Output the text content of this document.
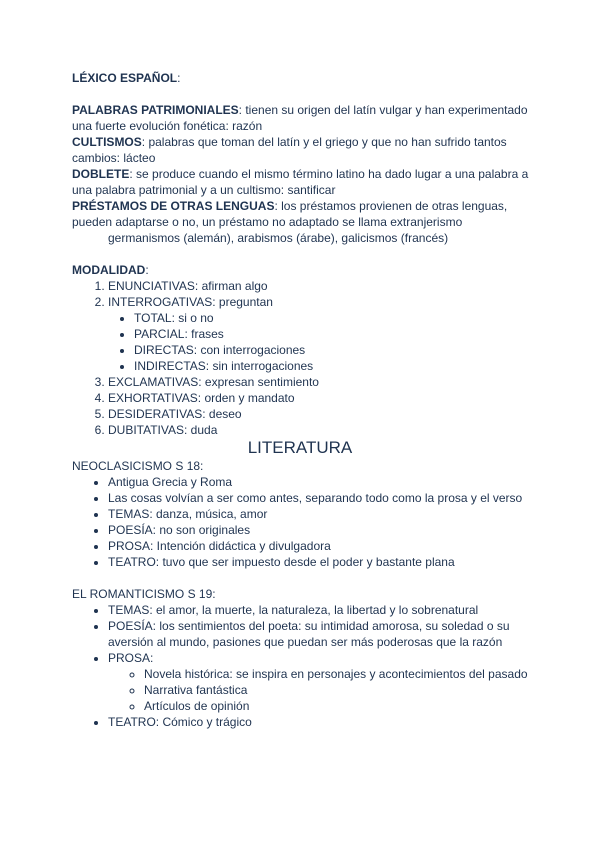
LÉXICO ESPAÑOL:

PALABRAS PATRIMONIALES: tienen su origen del latín vulgar y han experimentado una fuerte evolución fonética: razón

CULTISMOS: palabras que toman del latín y el griego y que no han sufrido tantos cambios: lácteo

DOBLETE: se produce cuando el mismo término latino ha dado lugar a una palabra a una palabra patrimonial y a un cultismo: santificar

PRÉSTAMOS DE OTRAS LENGUAS: los préstamos provienen de otras lenguas, pueden adaptarse o no, un préstamo no adaptado se llama extranjerismo

germanismos (alemán), arabismos (árabe), galicismos (francés)

MODALIDAD:

1. ENUNCIATIVAS: afirman algo
2. INTERROGATIVAS: preguntan
• TOTAL: si o no
• PARCIAL: frases
• DIRECTAS: con interrogaciones
• INDIRECTAS: sin interrogaciones
3. EXCLAMATIVAS: expresan sentimiento
4. EXHORTATIVAS: orden y mandato
5. DESIDERATIVAS: deseo
6. DUBITATIVAS: duda

LITERATURA

NEOCLASICISMO S 18:

• Antigua Grecia y Roma
• Las cosas volvían a ser como antes, separando todo como la prosa y el verso
• TEMAS: danza, música, amor
• POESÍA: no son originales
• PROSA: Intención didáctica y divulgadora
• TEATRO: tuvo que ser impuesto desde el poder y bastante plana

EL ROMANTICISMO S 19:

• TEMAS: el amor, la muerte, la naturaleza, la libertad y lo sobrenatural
• POESÍA: los sentimientos del poeta: su intimidad amorosa, su soledad o su aversión al mundo, pasiones que puedan ser más poderosas que la razón
• PROSA:
◦ Novela histórica: se inspira en personajes y acontecimientos del pasado
◦ Narrativa fantástica
◦ Artículos de opinión
• TEATRO: Cómico y trágico
